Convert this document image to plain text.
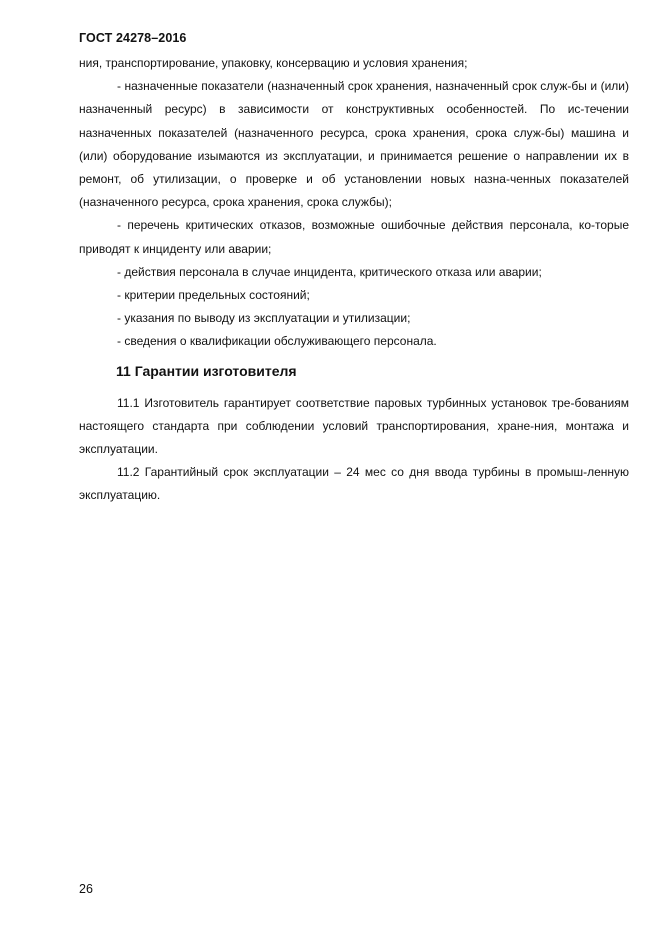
ГОСТ 24278–2016

ния, транспортирование, упаковку, консервацию и условия хранения;

- назначенные показатели (назначенный срок хранения, назначенный срок служ-бы и (или) назначенный ресурс) в зависимости от конструктивных особенностей. По ис-течении назначенных показателей (назначенного ресурса, срока хранения, срока служ-бы) машина и (или) оборудование изымаются из эксплуатации, и принимается решение о направлении их в ремонт, об утилизации, о проверке и об установлении новых назна-ченных показателей (назначенного ресурса, срока хранения, срока службы);

- перечень критических отказов, возможные ошибочные действия персонала, ко-торые приводят к инциденту или аварии;

- действия персонала в случае инцидента, критического отказа или аварии;

- критерии предельных состояний;

- указания по выводу из эксплуатации и утилизации;

- сведения о квалификации обслуживающего персонала.

11 Гарантии изготовителя

11.1 Изготовитель гарантирует соответствие паровых турбинных установок тре-бованиям настоящего стандарта при соблюдении условий транспортирования, хране-ния, монтажа и эксплуатации.

11.2 Гарантийный срок эксплуатации – 24 мес со дня ввода турбины в промыш-ленную эксплуатацию.

26
